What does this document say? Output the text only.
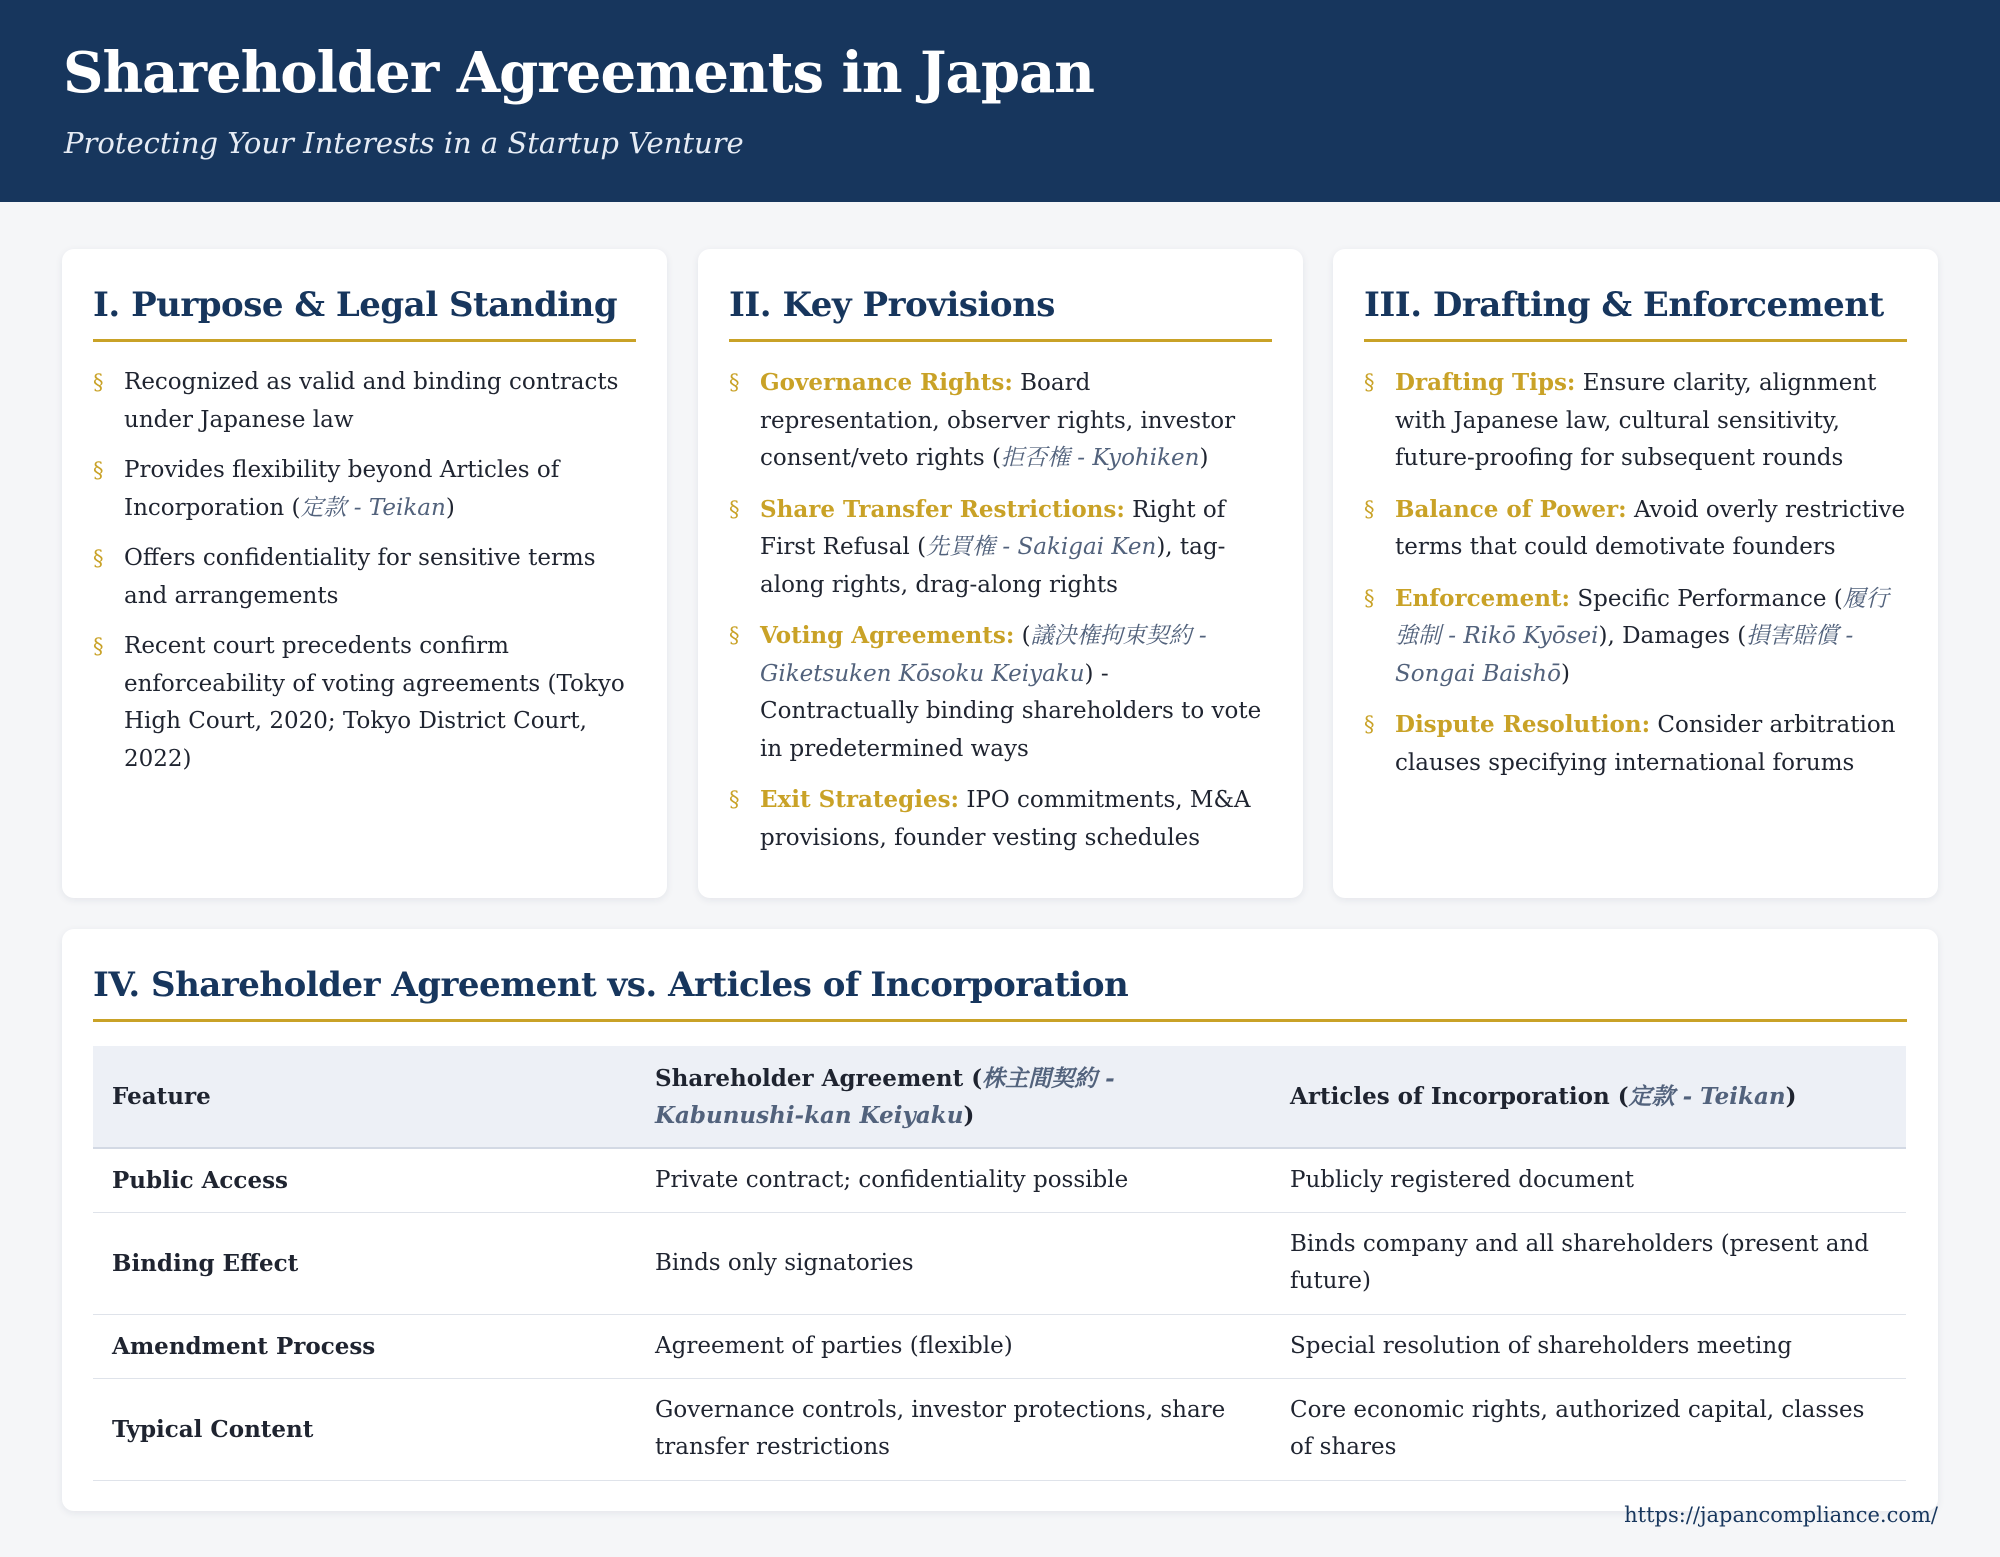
Shareholder Agreements in Japan

Protecting Your Interests in a Startup Venture

I. Purpose & Legal Standing
§ Recognized as valid and binding contracts under Japanese law
§ Provides flexibility beyond Articles of Incorporation (定款 - Teikan)
§ Offers confidentiality for sensitive terms and arrangements
§ Recent court precedents confirm enforceability of voting agreements (Tokyo High Court, 2020; Tokyo District Court, 2022)
II. Key Provisions
§ Governance Rights: Board representation, observer rights, investor consent/veto rights (拒否権 - Kyohiken)
§ Share Transfer Restrictions: Right of First Refusal (先買権 - Sakigai Ken), tag-along rights, drag-along rights
§ Voting Agreements: (議決権拘束契約 - Giketsuken Kōsoku Keiyaku) - Contractually binding shareholders to vote in predetermined ways
§ Exit Strategies: IPO commitments, M&A provisions, founder vesting schedules
III. Drafting & Enforcement
§ Drafting Tips: Ensure clarity, alignment with Japanese law, cultural sensitivity, future-proofing for subsequent rounds
§ Balance of Power: Avoid overly restrictive terms that could demotivate founders
§ Enforcement: Specific Performance (履行強制 - Rikō Kyōsei), Damages (損害賠償 - Songai Baishō)
§ Dispute Resolution: Consider arbitration clauses specifying international forums
IV. Shareholder Agreement vs. Articles of Incorporation
Feature	Shareholder Agreement (株主間契約 - Kabunushi-kan Keiyaku)	Articles of Incorporation (定款 - Teikan)
Public Access	Private contract; confidentiality possible	Publicly registered document
Binding Effect	Binds only signatories	Binds company and all shareholders (present and future)
Amendment Process	Agreement of parties (flexible)	Special resolution of shareholders meeting
Typical Content	Governance controls, investor protections, share transfer restrictions	Core economic rights, authorized capital, classes of shares
https://japancompliance.com/
